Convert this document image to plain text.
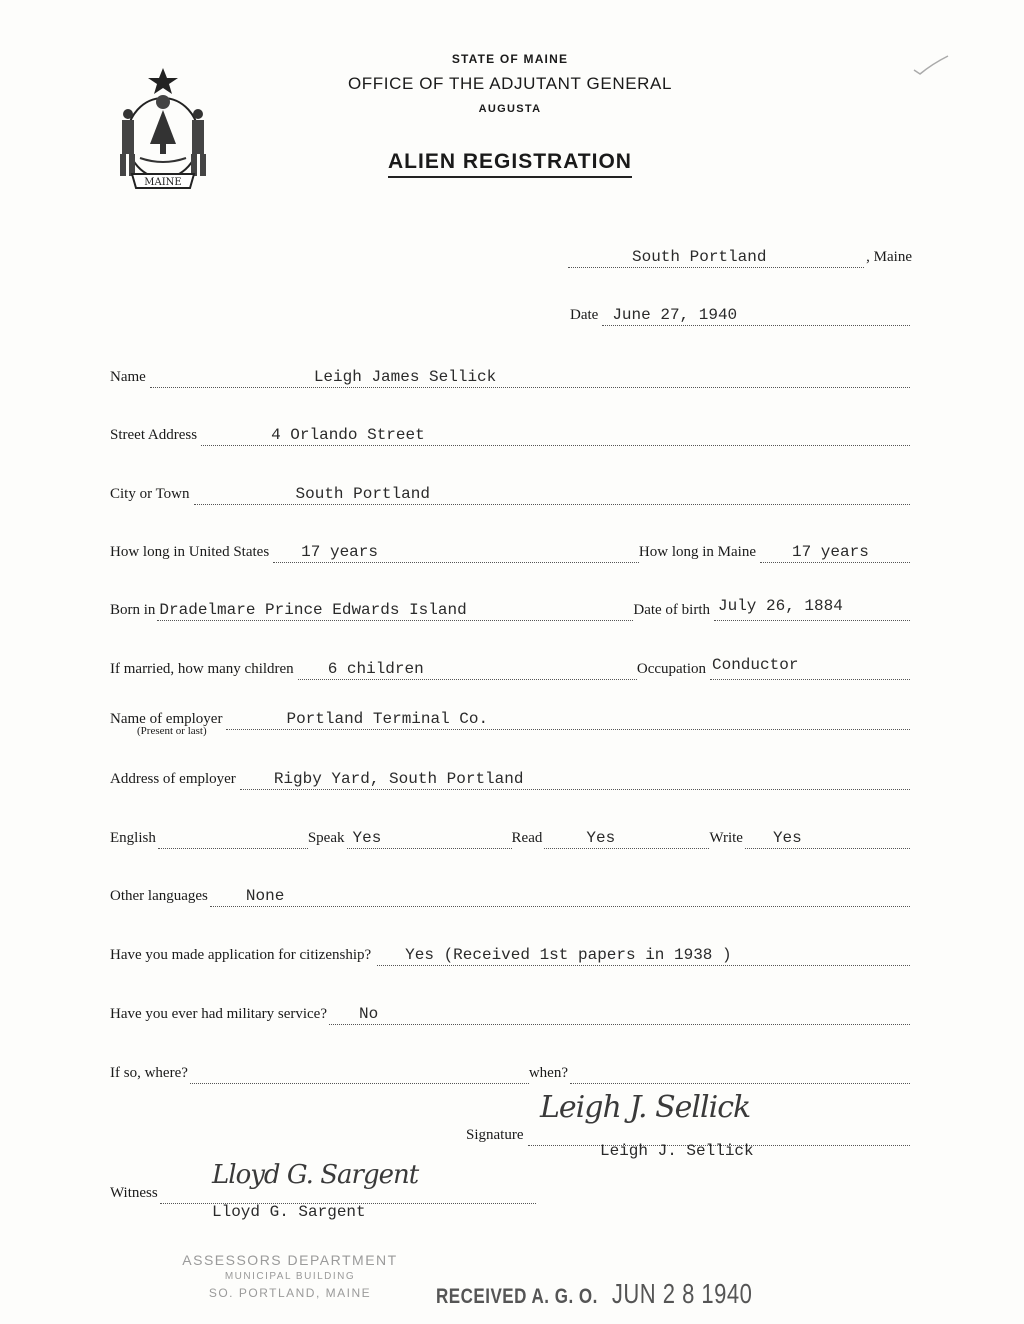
MAINE
STATE OF MAINE
OFFICE OF THE ADJUTANT GENERAL
AUGUSTA
ALIEN REGISTRATION
South Portland	, Maine
Date June 27, 1940
Name	Leigh James Sellick
Street Address	4 Orlando Street
City or Town	South Portland
How long in United States 17 years	How long in Maine 17 years
Born in Dradelmare Prince Edwards Island	Date of birth July 26, 1884
If married, how many children 6 children	Occupation Conductor
Name of employer	Portland Terminal Co.
(Present or last)
Address of employer Rigby Yard, South Portland
English	Speak Yes	Read	Yes	Write Yes
Other languages None
Have you made application for citizenship? Yes (Received 1st papers in 1938 )
Have you ever had military service? No
If so, where?	when?
Signature
Leigh J. Sellick
Leigh J. Sellick
Witness
Lloyd G. Sargent
Lloyd G. Sargent
ASSESSORS DEPARTMENT
MUNICIPAL BUILDING
SO. PORTLAND, MAINE	RECEIVED A. G. O. JUN 2 8 1940
